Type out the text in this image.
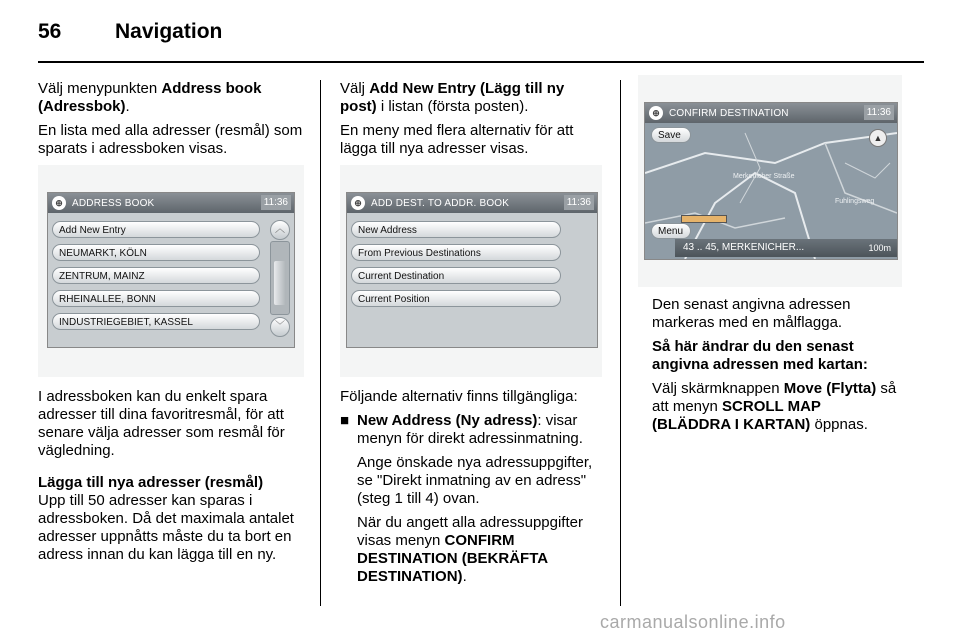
56	Navigation

Välj menypunkten Address book (Adressbok).

En lista med alla adresser (resmål) som sparats i adressboken visas.

⊕ ADDRESS BOOK	11:36
Add New Entry
NEUMARKT, KÖLN
ZENTRUM, MAINZ
RHEINALLEE, BONN
INDUSTRIEGEBIET, KASSEL
︿
﹀

I adressboken kan du enkelt spara adresser till dina favoritresmål, för att senare välja adresser som resmål för vägledning.

Lägga till nya adresser (resmål)

Upp till 50 adresser kan sparas i adressboken. Då det maximala antalet adresser uppnåtts måste du ta bort en adress innan du kan lägga till en ny.

Välj Add New Entry (Lägg till ny post) i listan (första posten).

En meny med flera alternativ för att lägga till nya adresser visas.

⊕ ADD DEST. TO ADDR. BOOK	11:36
New Address
From Previous Destinations
Current Destination
Current Position

Följande alternativ finns tillgängliga:

■ New Address (Ny adress): visar menyn för direkt adressinmatning.

Ange önskade nya adressuppgifter, se "Direkt inmatning av en adress" (steg 1 till 4) ovan.

När du angett alla adressuppgifter visas menyn CONFIRM DESTINATION (BEKRÄFTA DESTINATION).

Merkenicher Straße
Fuhlingsweg
⊕ CONFIRM DESTINATION	11:36
Save	▲
Menu
43 .. 45, MERKENICHER...	100m

Den senast angivna adressen markeras med en målflagga.

Så här ändrar du den senast angivna adressen med kartan:

Välj skärmknappen Move (Flytta) så att menyn SCROLL MAP (BLÄDDRA I KARTAN) öppnas.

carmanualsonline.info
